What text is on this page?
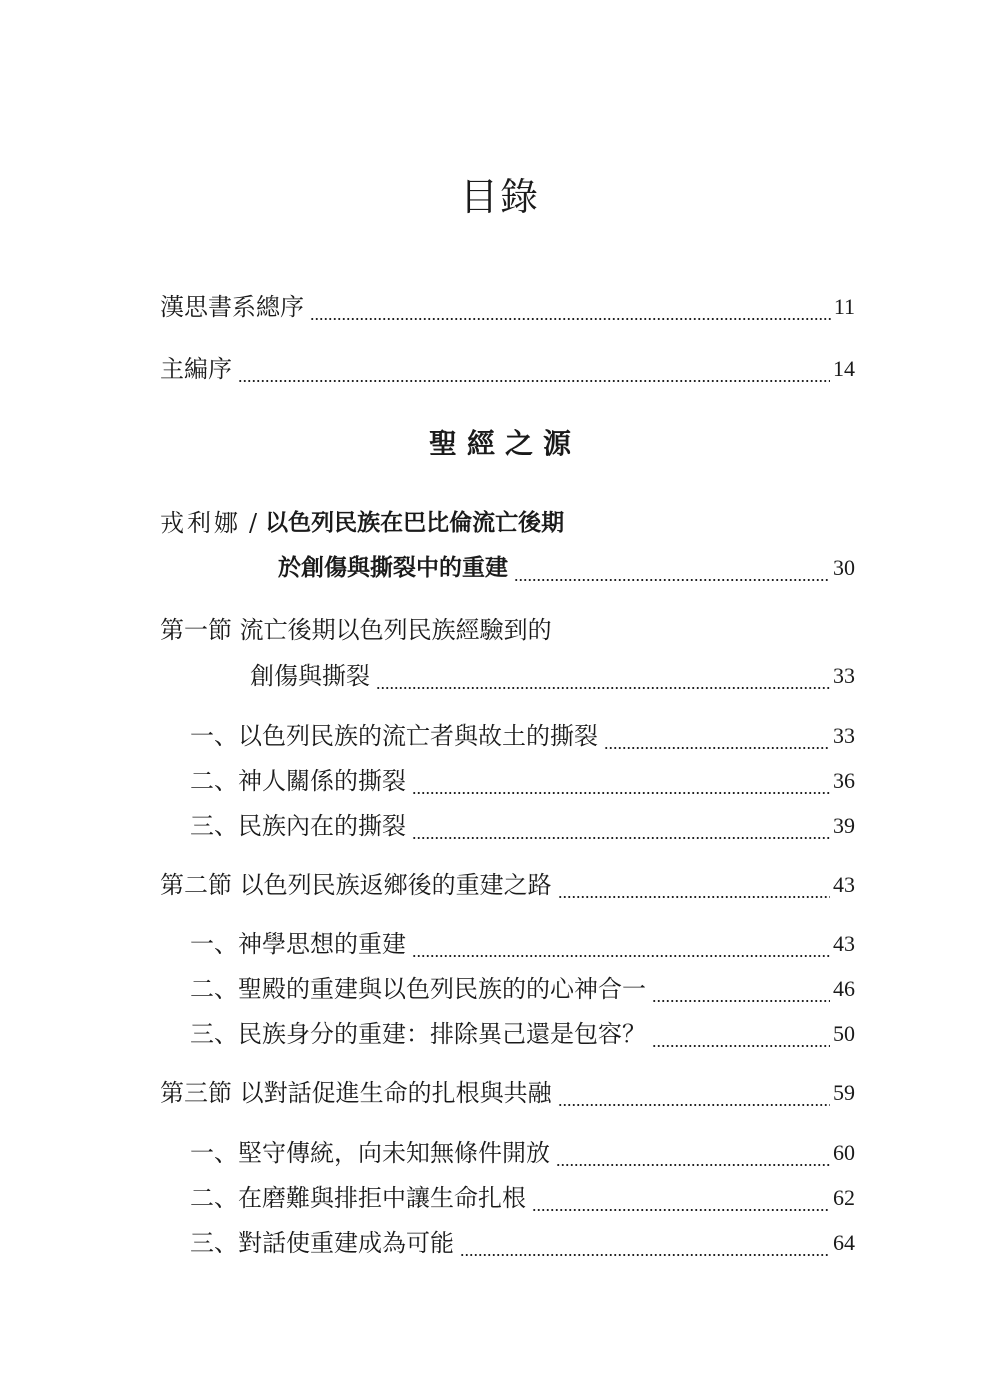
目錄
漢思書系總序	11
主編序	14
聖經之源
戎利娜 / 以色列民族在巴比倫流亡後期
於創傷與撕裂中的重建	30
第一節 流亡後期以色列民族經驗到的
創傷與撕裂	33
一、以色列民族的流亡者與故土的撕裂	33
二、神人關係的撕裂	36
三、民族內在的撕裂	39
第二節 以色列民族返鄉後的重建之路	43
一、神學思想的重建	43
二、聖殿的重建與以色列民族的的心神合一	46
三、民族身分的重建：排除異己還是包容？	50
第三節 以對話促進生命的扎根與共融	59
一、堅守傳統，向未知無條件開放	60
二、在磨難與排拒中讓生命扎根	62
三、對話使重建成為可能	64
